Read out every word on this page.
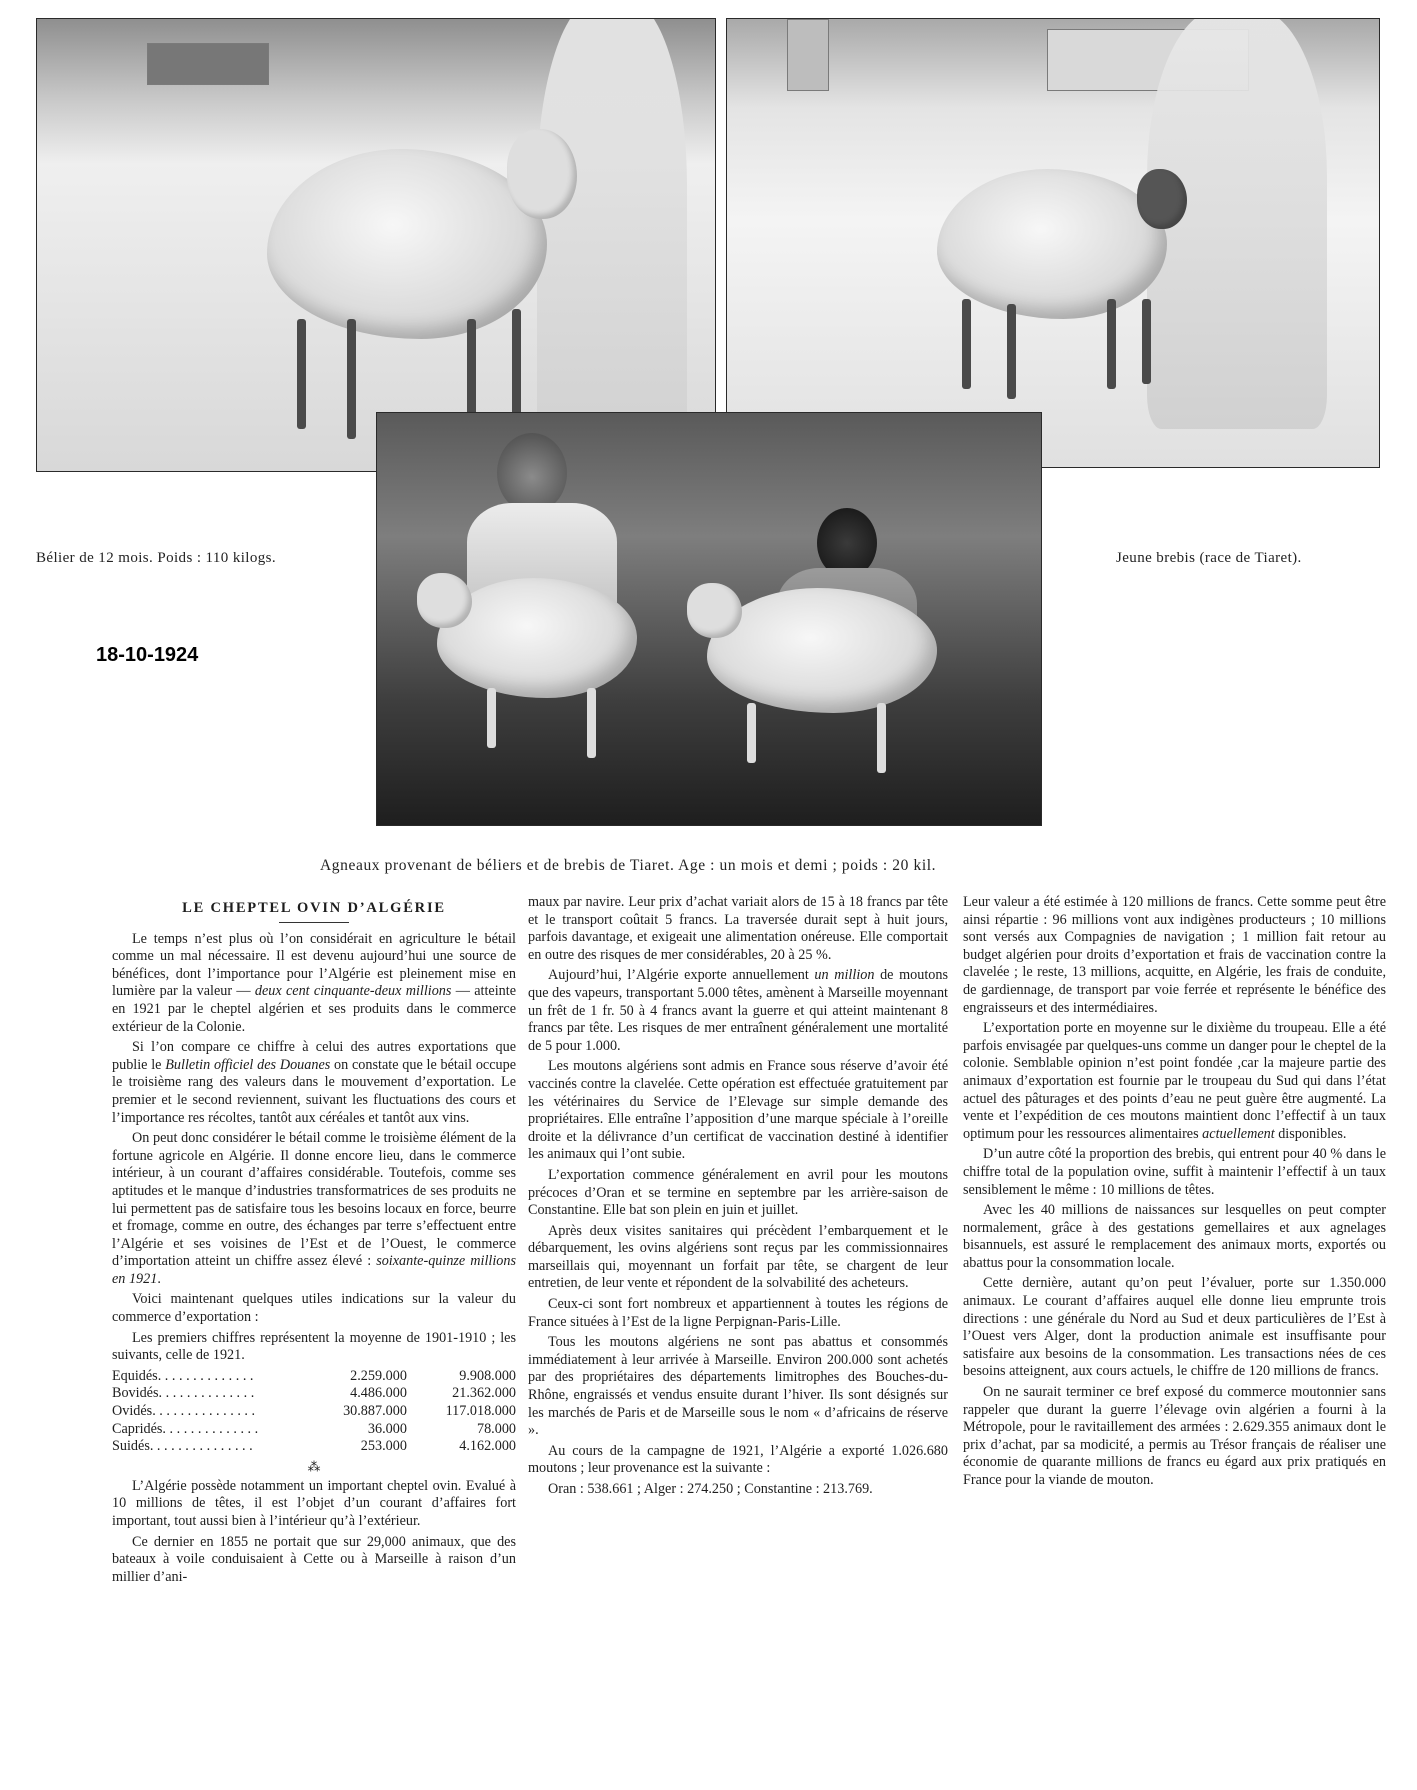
Bélier de 12 mois. Poids : 110 kilogs.	Jeune brebis (race de Tiaret).
18-10-1924
Agneaux provenant de béliers et de brebis de Tiaret. Age : un mois et demi ; poids : 20 kil.
LE CHEPTEL OVIN D’ALGÉRIE

Le temps n’est plus où l’on considérait en agriculture le bétail comme un mal nécessaire. Il est devenu aujourd’hui une source de bénéfices, dont l’importance pour l’Algérie est pleinement mise en lumière par la valeur — deux cent cinquante-deux millions — atteinte en 1921 par le cheptel algérien et ses produits dans le commerce extérieur de la Colonie.

Si l’on compare ce chiffre à celui des autres exportations que publie le Bulletin officiel des Douanes on constate que le bétail occupe le troisième rang des valeurs dans le mouvement d’exportation. Le premier et le second reviennent, suivant les fluctuations des cours et l’importance res récoltes, tantôt aux céréales et tantôt aux vins.

On peut donc considérer le bétail comme le troisième élément de la fortune agricole en Algérie. Il donne encore lieu, dans le commerce intérieur, à un courant d’affaires considérable. Toutefois, comme ses aptitudes et le manque d’industries transformatrices de ses produits ne lui permettent pas de satisfaire tous les besoins locaux en force, beurre et fromage, comme en outre, des échanges par terre s’effectuent entre l’Algérie et ses voisines de l’Est et de l’Ouest, le commerce d’importation atteint un chiffre assez élevé : soixante-quinze millions en 1921.

Voici maintenant quelques utiles indications sur la valeur du commerce d’exportation :

Les premiers chiffres représentent la moyenne de 1901-1910 ; les suivants, celle de 1921.

Equidés. . . . . . . . . . . . . .	2.259.000	9.908.000
Bovidés. . . . . . . . . . . . . .	4.486.000	21.362.000
Ovidés. . . . . . . . . . . . . . .	30.887.000	117.018.000
Capridés. . . . . . . . . . . . . .	36.000	78.000
Suidés. . . . . . . . . . . . . . .	253.000	4.162.000
⁂

L’Algérie possède notamment un important cheptel ovin. Evalué à 10 millions de têtes, il est l’objet d’un courant d’affaires fort important, tout aussi bien à l’intérieur qu’à l’extérieur.

Ce dernier en 1855 ne portait que sur 29,000 animaux, que des bateaux à voile conduisaient à Cette ou à Marseille à raison d’un millier d’ani-

maux par navire. Leur prix d’achat variait alors de 15 à 18 francs par tête et le transport coûtait 5 francs. La traversée durait sept à huit jours, parfois davantage, et exigeait une alimentation onéreuse. Elle comportait en outre des risques de mer considérables, 20 à 25 %.

Aujourd’hui, l’Algérie exporte annuellement un million de moutons que des vapeurs, transportant 5.000 têtes, amènent à Marseille moyennant un frêt de 1 fr. 50 à 4 francs avant la guerre et qui atteint maintenant 8 francs par tête. Les risques de mer entraînent généralement une mortalité de 5 pour 1.000.

Les moutons algériens sont admis en France sous réserve d’avoir été vaccinés contre la clavelée. Cette opération est effectuée gratuitement par les vétérinaires du Service de l’Elevage sur simple demande des propriétaires. Elle entraîne l’apposition d’une marque spéciale à l’oreille droite et la délivrance d’un certificat de vaccination destiné à identifier les animaux qui l’ont subie.

L’exportation commence généralement en avril pour les moutons précoces d’Oran et se termine en septembre par les arrière-saison de Constantine. Elle bat son plein en juin et juillet.

Après deux visites sanitaires qui précèdent l’embarquement et le débarquement, les ovins algériens sont reçus par les commissionnaires marseillais qui, moyennant un forfait par tête, se chargent de leur entretien, de leur vente et répondent de la solvabilité des acheteurs.

Ceux-ci sont fort nombreux et appartiennent à toutes les régions de France situées à l’Est de la ligne Perpignan-Paris-Lille.

Tous les moutons algériens ne sont pas abattus et consommés immédiatement à leur arrivée à Marseille. Environ 200.000 sont achetés par des propriétaires des départements limitrophes des Bouches-du-Rhône, engraissés et vendus ensuite durant l’hiver. Ils sont désignés sur les marchés de Paris et de Marseille sous le nom « d’africains de réserve ».

Au cours de la campagne de 1921, l’Algérie a exporté 1.026.680 moutons ; leur provenance est la suivante :

Oran : 538.661 ; Alger : 274.250 ; Constantine : 213.769.

Leur valeur a été estimée à 120 millions de francs. Cette somme peut être ainsi répartie : 96 millions vont aux indigènes producteurs ; 10 millions sont versés aux Compagnies de navigation ; 1 million fait retour au budget algérien pour droits d’exportation et frais de vaccination contre la clavelée ; le reste, 13 millions, acquitte, en Algérie, les frais de conduite, de gardiennage, de transport par voie ferrée et représente le bénéfice des engraisseurs et des intermédiaires.

L’exportation porte en moyenne sur le dixième du troupeau. Elle a été parfois envisagée par quelques-uns comme un danger pour le cheptel de la colonie. Semblable opinion n’est point fondée ,car la majeure partie des animaux d’exportation est fournie par le troupeau du Sud qui dans l’état actuel des pâturages et des points d’eau ne peut guère être augmenté. La vente et l’expédition de ces moutons maintient donc l’effectif à un taux optimum pour les ressources alimentaires actuellement disponibles.

D’un autre côté la proportion des brebis, qui entrent pour 40 % dans le chiffre total de la population ovine, suffit à maintenir l’effectif à un taux sensiblement le même : 10 millions de têtes.

Avec les 40 millions de naissances sur lesquelles on peut compter normalement, grâce à des gestations gemellaires et aux agnelages bisannuels, est assuré le remplacement des animaux morts, exportés ou abattus pour la consommation locale.

Cette dernière, autant qu’on peut l’évaluer, porte sur 1.350.000 animaux. Le courant d’affaires auquel elle donne lieu emprunte trois directions : une générale du Nord au Sud et deux particulières de l’Est à l’Ouest vers Alger, dont la production animale est insuffisante pour satisfaire aux besoins de la consommation. Les transactions nées de ces besoins atteignent, aux cours actuels, le chiffre de 120 millions de francs.

On ne saurait terminer ce bref exposé du commerce moutonnier sans rappeler que durant la guerre l’élevage ovin algérien a fourni à la Métropole, pour le ravitaillement des armées : 2.629.355 animaux dont le prix d’achat, par sa modicité, a permis au Trésor français de réaliser une économie de quarante millions de francs eu égard aux prix pratiqués en France pour la viande de mouton.
